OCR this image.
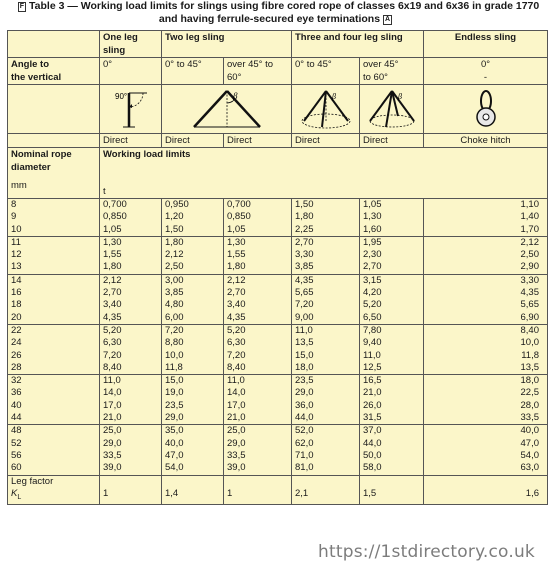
F Table 3 — Working load limits for slings using fibre cored rope of classes 6x19 and 6x36 in grade 1770
and having ferrule-secured eye terminations A
	One leg	Two leg sling		Three and four leg sling		Endless sling
	sling					
Angle to	0°	0° to 45°	over 45° to	0° to 45°	over 45°	0°
the vertical			60°		to 60°	-

90°	β		β	β

	Direct	Direct	Direct	Direct	Direct	Choke hitch
Nominal rope	Working load limits					
diameter						
mm	t					
8	0,700	0,950	0,700	1,50	1,05	1,10
9	0,850	1,20	0,850	1,80	1,30	1,40
10	1,05	1,50	1,05	2,25	1,60	1,70
11	1,30	1,80	1,30	2,70	1,95	2,12
12	1,55	2,12	1,55	3,30	2,30	2,50
13	1,80	2,50	1,80	3,85	2,70	2,90
14	2,12	3,00	2,12	4,35	3,15	3,30
16	2,70	3,85	2,70	5,65	4,20	4,35
18	3,40	4,80	3,40	7,20	5,20	5,65
20	4,35	6,00	4,35	9,00	6,50	6,90
22	5,20	7,20	5,20	11,0	7,80	8,40
24	6,30	8,80	6,30	13,5	9,40	10,0
26	7,20	10,0	7,20	15,0	11,0	11,8
28	8,40	11,8	8,40	18,0	12,5	13,5
32	11,0	15,0	11,0	23,5	16,5	18,0
36	14,0	19,0	14,0	29,0	21,0	22,5
40	17,0	23,5	17,0	36,0	26,0	28,0
44	21,0	29,0	21,0	44,0	31,5	33,5
48	25,0	35,0	25,0	52,0	37,0	40,0
52	29,0	40,0	29,0	62,0	44,0	47,0
56	33,5	47,0	33,5	71,0	50,0	54,0
60	39,0	54,0	39,0	81,0	58,0	63,0
Leg factor						
$K_L$	1	1,4	1	2,1	1,5	1,6
https://1stdirectory.co.uk
